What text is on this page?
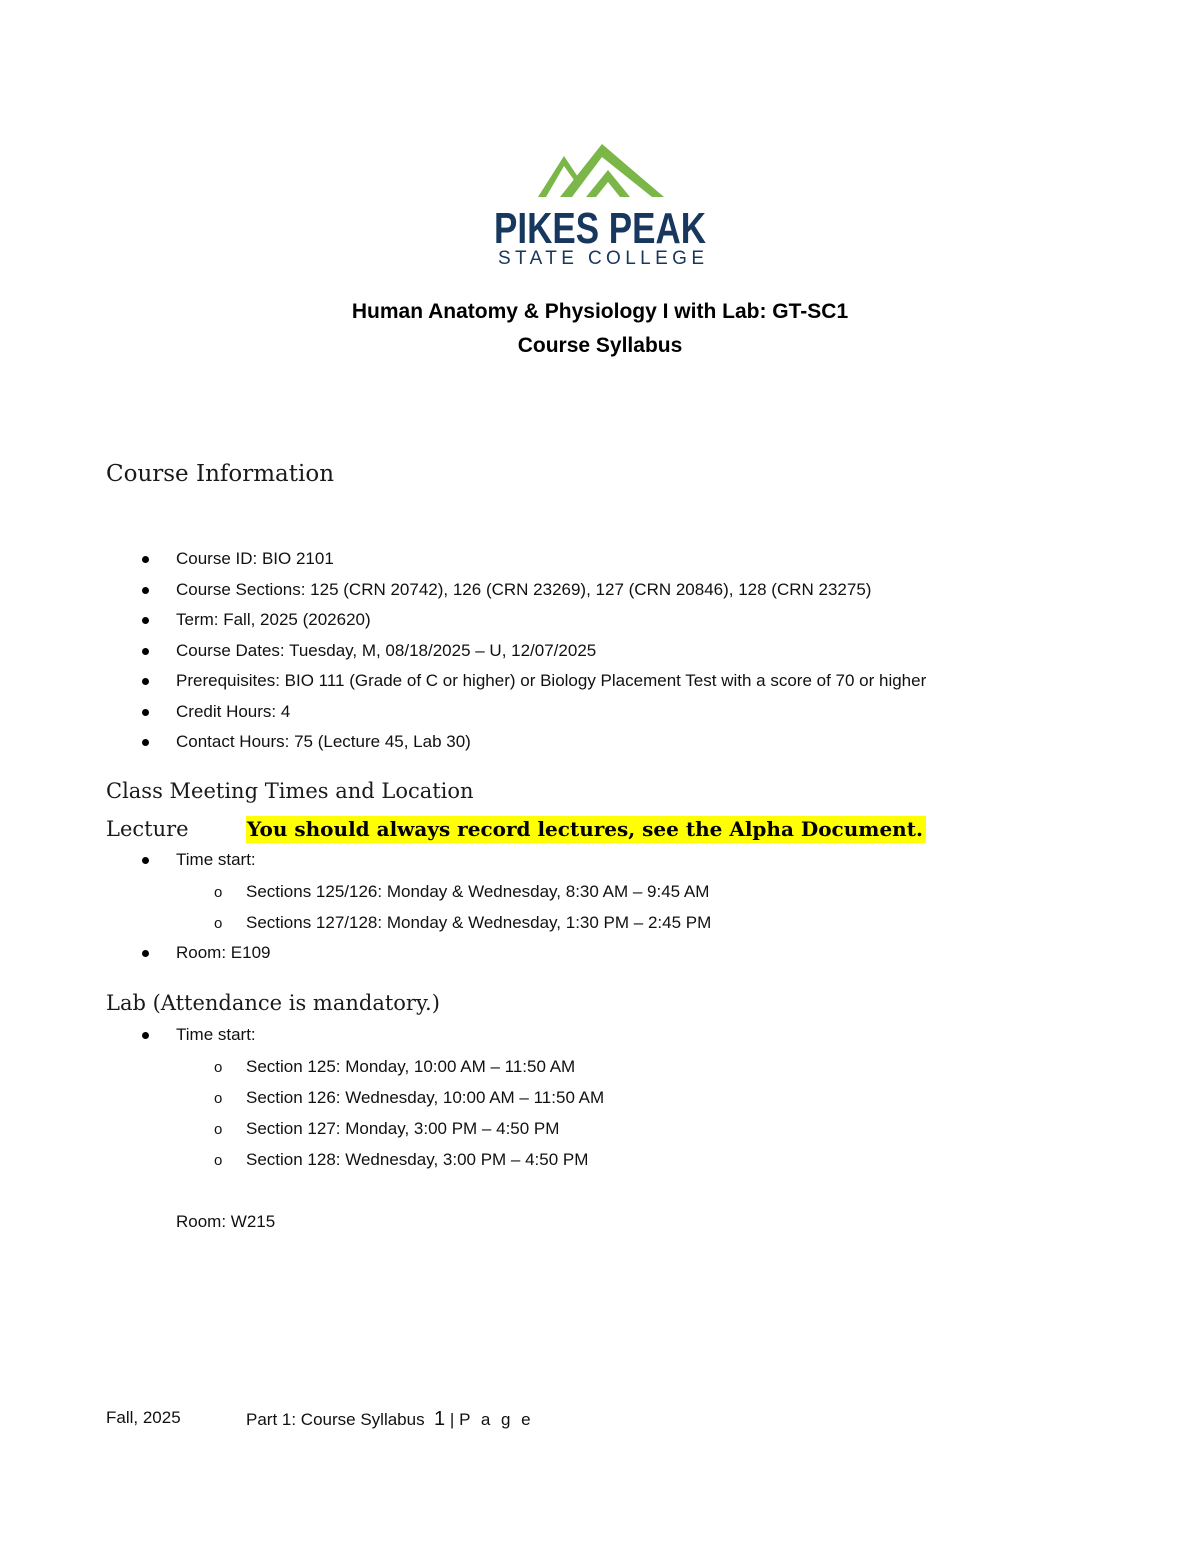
PIKES PEAK
STATE COLLEGE
Human Anatomy & Physiology I with Lab: GT-SC1
Course Syllabus
Course Information
Course ID: BIO 2101
Course Sections: 125 (CRN 20742), 126 (CRN 23269), 127 (CRN 20846), 128 (CRN 23275)
Term: Fall, 2025 (202620)
Course Dates: Tuesday, M, 08/18/2025 – U, 12/07/2025
Prerequisites: BIO 111 (Grade of C or higher) or Biology Placement Test with a score of 70 or higher
Credit Hours: 4
Contact Hours: 75 (Lecture 45, Lab 30)
Class Meeting Times and Location
Lecture	You should always record lectures, see the Alpha Document.
Time start:
o Sections 125/126: Monday & Wednesday, 8:30 AM – 9:45 AM
o Sections 127/128: Monday & Wednesday, 1:30 PM – 2:45 PM
Room: E109
Lab (Attendance is mandatory.)
Time start:
o Section 125: Monday, 10:00 AM – 11:50 AM
o Section 126: Wednesday, 10:00 AM – 11:50 AM
o Section 127: Monday, 3:00 PM – 4:50 PM
o Section 128: Wednesday, 3:00 PM – 4:50 PM
Room: W215
Fall, 2025	Part 1: Course Syllabus 1 | P a g e
